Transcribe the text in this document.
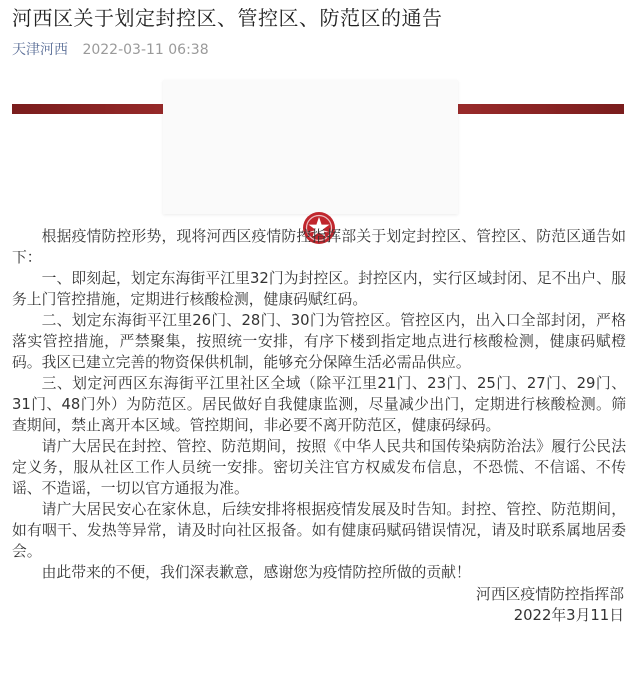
河西区关于划定封控区、管控区、防范区的通告
天津河西 2022-03-11 06:38

根据疫情防控形势，现将河西区疫情防控指挥部关于划定封控区、管控区、防范区通告如下：

一、即刻起，划定东海街平江里32门为封控区。封控区内，实行区域封闭、足不出户、服务上门管控措施，定期进行核酸检测，健康码赋红码。

二、划定东海街平江里26门、28门、30门为管控区。管控区内，出入口全部封闭，严格落实管控措施，严禁聚集，按照统一安排，有序下楼到指定地点进行核酸检测，健康码赋橙码。我区已建立完善的物资保供机制，能够充分保障生活必需品供应。

三、划定河西区东海街平江里社区全域（除平江里21门、23门、25门、27门、29门、31门、48门外）为防范区。居民做好自我健康监测，尽量减少出门，定期进行核酸检测。筛查期间，禁止离开本区域。管控期间，非必要不离开防范区，健康码绿码。

请广大居民在封控、管控、防范期间，按照《中华人民共和国传染病防治法》履行公民法定义务，服从社区工作人员统一安排。密切关注官方权威发布信息，不恐慌、不信谣、不传谣、不造谣，一切以官方通报为准。

请广大居民安心在家休息，后续安排将根据疫情发展及时告知。封控、管控、防范期间，如有咽干、发热等异常，请及时向社区报备。如有健康码赋码错误情况，请及时联系属地居委会。

由此带来的不便，我们深表歉意，感谢您为疫情防控所做的贡献！

河西区疫情防控指挥部

2022年3月11日
